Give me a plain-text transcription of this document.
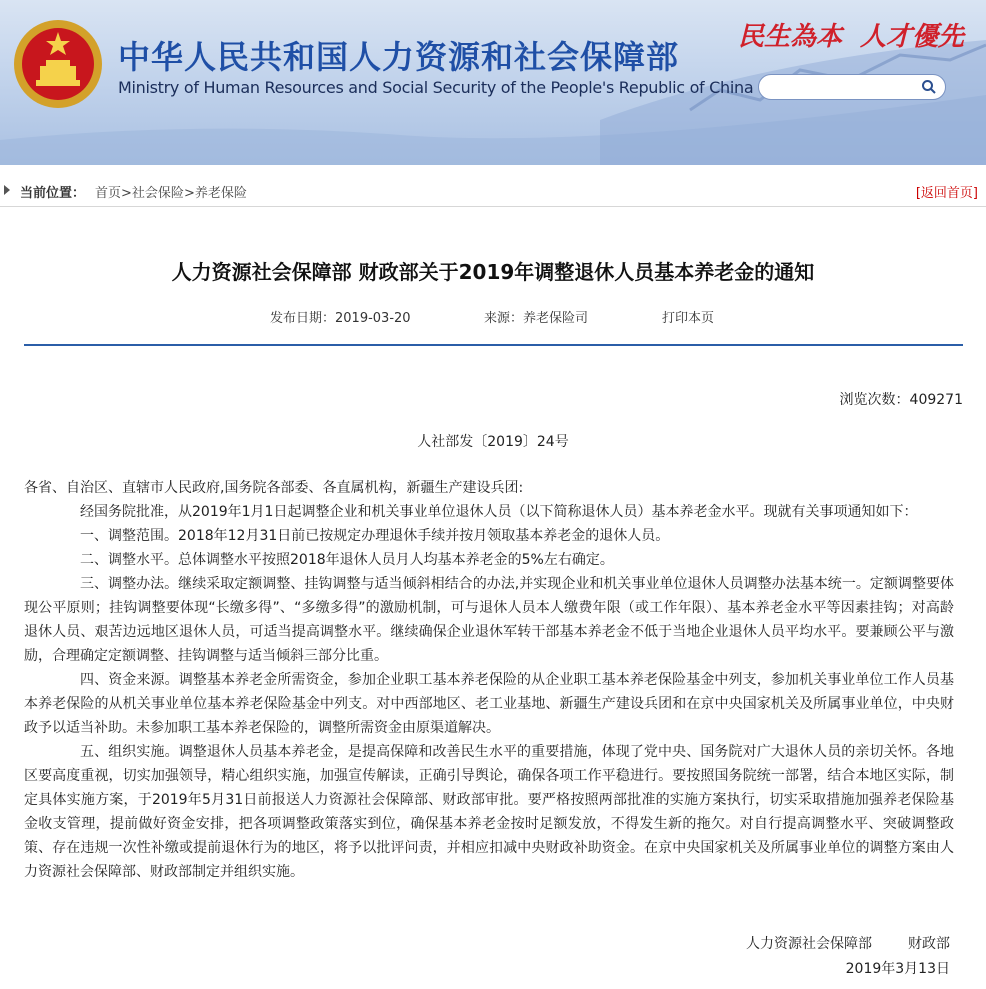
中华人民共和国人力资源和社会保障部
Ministry of Human Resources and Social Security of the People's Republic of China
民生為本 人才優先
当前位置： 首页>社会保险>养老保险	[返回首页]
人力资源社会保障部 财政部关于2019年调整退休人员基本养老金的通知
发布日期：2019-03-20	来源：养老保险司	打印本页
浏览次数：409271
人社部发〔2019〕24号

各省、自治区、直辖市人民政府,国务院各部委、各直属机构，新疆生产建设兵团:

经国务院批准，从2019年1月1日起调整企业和机关事业单位退休人员（以下简称退休人员）基本养老金水平。现就有关事项通知如下：

一、调整范围。2018年12月31日前已按规定办理退休手续并按月领取基本养老金的退休人员。

二、调整水平。总体调整水平按照2018年退休人员月人均基本养老金的5%左右确定。

三、调整办法。继续采取定额调整、挂钩调整与适当倾斜相结合的办法,并实现企业和机关事业单位退休人员调整办法基本统一。定额调整要体现公平原则；挂钩调整要体现“长缴多得”、“多缴多得”的激励机制，可与退休人员本人缴费年限（或工作年限）、基本养老金水平等因素挂钩；对高龄退休人员、艰苦边远地区退休人员，可适当提高调整水平。继续确保企业退休军转干部基本养老金不低于当地企业退休人员平均水平。要兼顾公平与激励，合理确定定额调整、挂钩调整与适当倾斜三部分比重。

四、资金来源。调整基本养老金所需资金，参加企业职工基本养老保险的从企业职工基本养老保险基金中列支，参加机关事业单位工作人员基本养老保险的从机关事业单位基本养老保险基金中列支。对中西部地区、老工业基地、新疆生产建设兵团和在京中央国家机关及所属事业单位，中央财政予以适当补助。未参加职工基本养老保险的，调整所需资金由原渠道解决。

五、组织实施。调整退休人员基本养老金，是提高保障和改善民生水平的重要措施，体现了党中央、国务院对广大退休人员的亲切关怀。各地区要高度重视，切实加强领导，精心组织实施，加强宣传解读，正确引导舆论，确保各项工作平稳进行。要按照国务院统一部署，结合本地区实际，制定具体实施方案，于2019年5月31日前报送人力资源社会保障部、财政部审批。要严格按照两部批准的实施方案执行，切实采取措施加强养老保险基金收支管理，提前做好资金安排，把各项调整政策落实到位，确保基本养老金按时足额发放，不得发生新的拖欠。对自行提高调整水平、突破调整政策、存在违规一次性补缴或提前退休行为的地区，将予以批评问责，并相应扣减中央财政补助资金。在京中央国家机关及所属事业单位的调整方案由人力资源社会保障部、财政部制定并组织实施。

人力资源社会保障部	财政部
2019年3月13日
